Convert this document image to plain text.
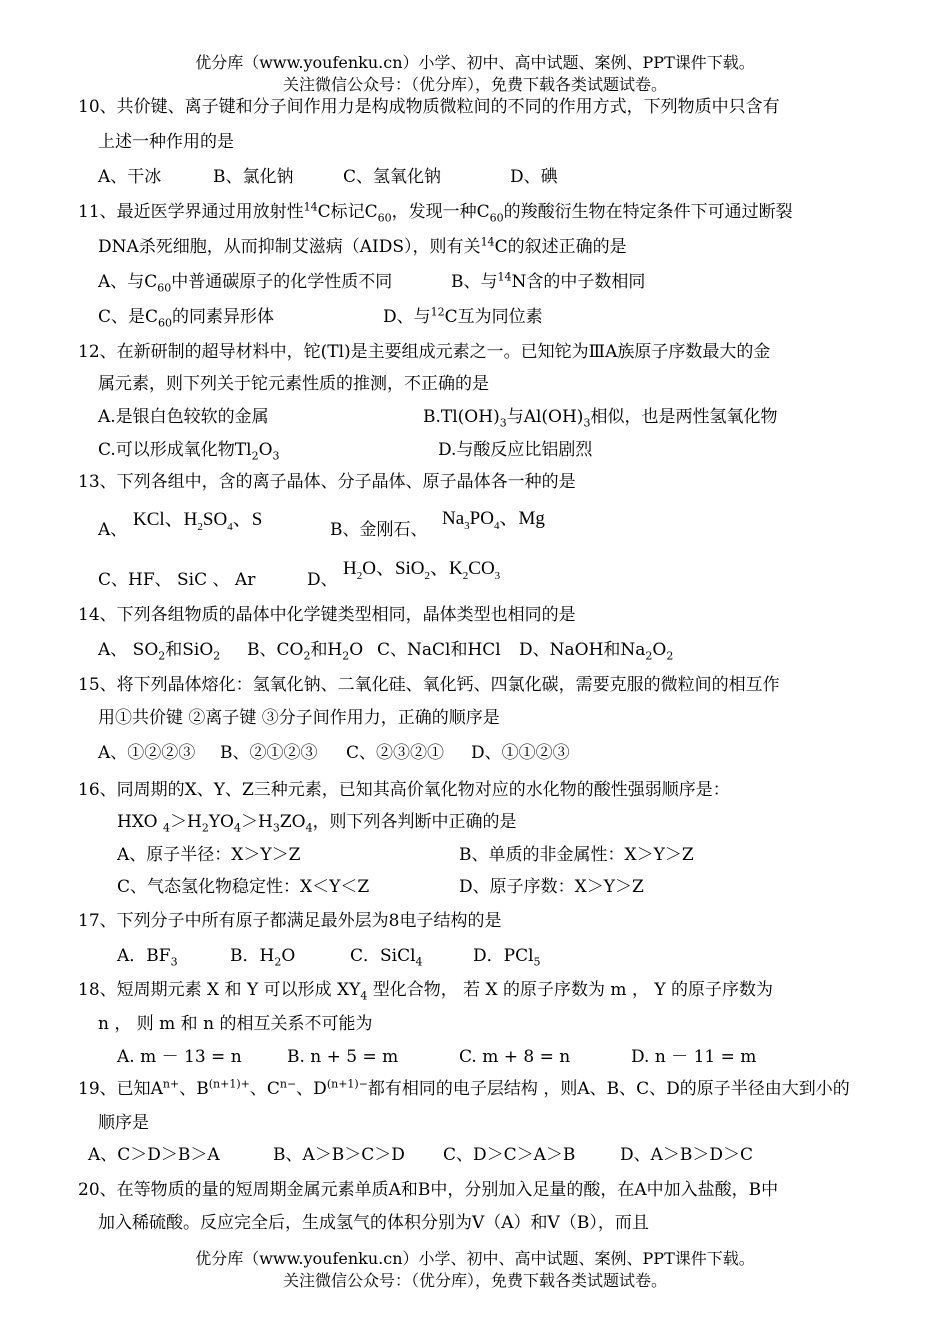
优分库（www.youfenku.cn）小学、初中、高中试题、案例、PPT课件下载。
关注微信公众号：（优分库），免费下载各类试题试卷。
10、共价键、离子键和分子间作用力是构成物质微粒间的不同的作用方式，下列物质中只含有
上述一种作用的是
A、干冰	B、氯化钠	C、氢氧化钠	D、碘
11、最近医学界通过用放射性$^{14}$C标记$C_{60}$，发现一种$C_{60}$的羧酸衍生物在特定条件下可通过断裂
DNA杀死细胞，从而抑制艾滋病（AIDS），则有关$^{14}$C的叙述正确的是
A、与$C_{60}$中普通碳原子的化学性质不同	B、与$^{14}$N含的中子数相同
C、是$C_{60}$的同素异形体	D、与$^{12}$C互为同位素
12、在新研制的超导材料中，铊(Tl)是主要组成元素之一。已知铊为ⅢA族原子序数最大的金
属元素，则下列关于铊元素性质的推测，不正确的是
A.是银白色较软的金属	$B.Tl(OH)_3$与$Al(OH)_3$相似，也是两性氢氧化物
C.可以形成氧化物$Tl_2O_3$	D.与酸反应比铝剧烈
13、下列各组中，含的离子晶体、分子晶体、原子晶体各一种的是
A、 KCl、$H_2SO_4$、S	B、金刚石、
$Na_3PO_4$、Mg
C、HF、 SiC 、 Ar	D、
$H_2O$、SiO$_2$、$K_2CO_3$
14、下列各组物质的晶体中化学键类型相同，晶体类型也相同的是
A、 $SO_2$和SiO$_2$ B、$CO_2$和$H_2O$ C、NaCl和HCl D、NaOH和$Na_2O_2$
15、将下列晶体熔化：氢氧化钠、二氧化硅、氧化钙、四氯化碳，需要克服的微粒间的相互作
用①共价键 ②离子键 ③分子间作用力，正确的顺序是
A、①②②③ B、②①②③ C、②③②① D、①①②③
16、同周期的X、Y、Z三种元素，已知其高价氧化物对应的水化物的酸性强弱顺序是：
HXO $_4>H_2YO_4>H_3ZO_4$，则下列各判断中正确的是
A、原子半径：X＞Y＞Z	B、单质的非金属性：X＞Y＞Z
C、气态氢化物稳定性：X＜Y＜Z	D、原子序数：X＞Y＞Z
17、下列分子中所有原子都满足最外层为8电子结构的是
A．$BF_3$	B．$H_2O$	C．SiCl$_4$	D．PCl$_5$
18、短周期元素 X 和 Y 可以形成 $XY_4$ 型化合物， 若 X 的原子序数为 m ， Y 的原子序数为
n ， 则 m 和 n 的相互关系不可能为
A. m － 13 = n	B. n + 5 = m	C. m + 8 = n	D. n － 11 = m
19、已知$A^{n+}$、$B^{(n+1)+}$、$C^{n-}$、$D^{(n+1)-}$都有相同的电子层结构 ，则A、B、C、D的原子半径由大到小的
顺序是
A、C＞D＞B＞A	B、A＞B＞C＞D C、D＞C＞A＞B	D、A＞B＞D＞C
20、在等物质的量的短周期金属元素单质A和B中，分别加入足量的酸，在A中加入盐酸，B中
加入稀硫酸。反应完全后，生成氢气的体积分别为V（A）和V（B），而且
优分库（www.youfenku.cn）小学、初中、高中试题、案例、PPT课件下载。
关注微信公众号：（优分库），免费下载各类试题试卷。
